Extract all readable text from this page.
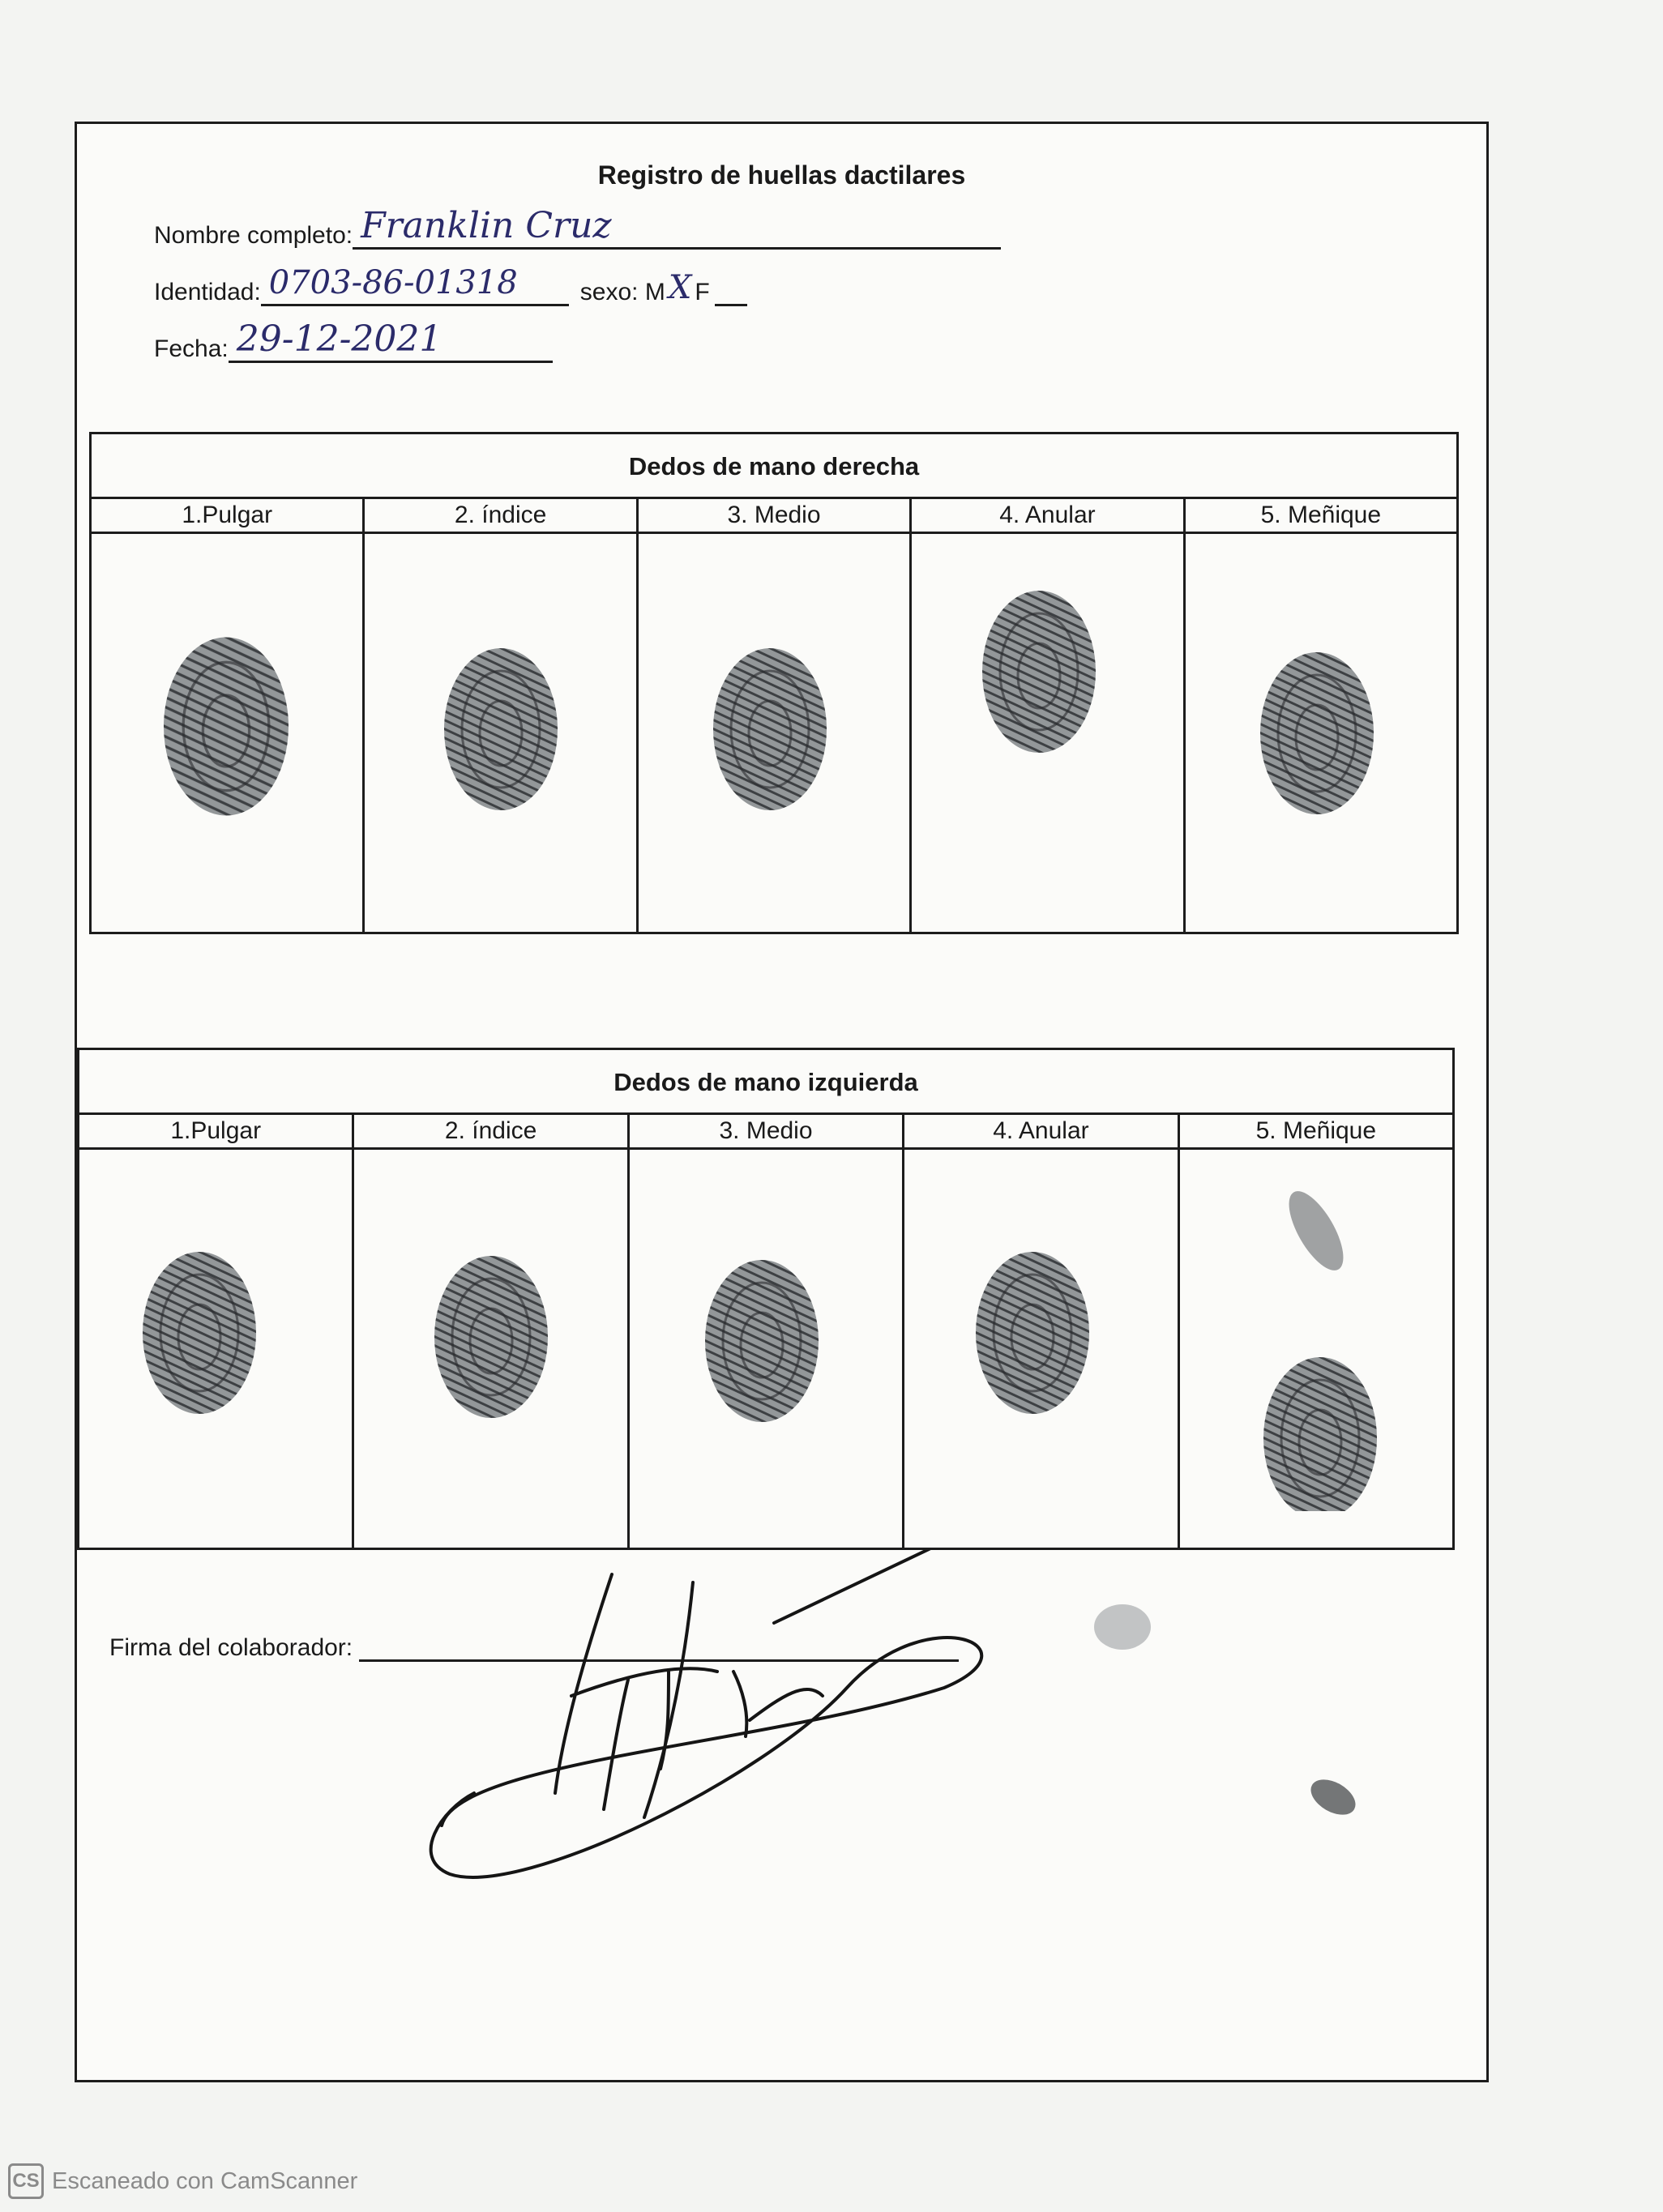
Registro de huellas dactilares
Nombre completo: Franklin Cruz
Identidad: 0703-86-01318	sexo:
M X F
Fecha: 29-12-2021
Dedos de mano derecha
1.Pulgar	2. índice	3. Medio	4. Anular	5. Meñique
Dedos de mano izquierda
1.Pulgar	2. índice	3. Medio	4. Anular	5. Meñique
Firma del colaborador:
CS Escaneado con CamScanner
